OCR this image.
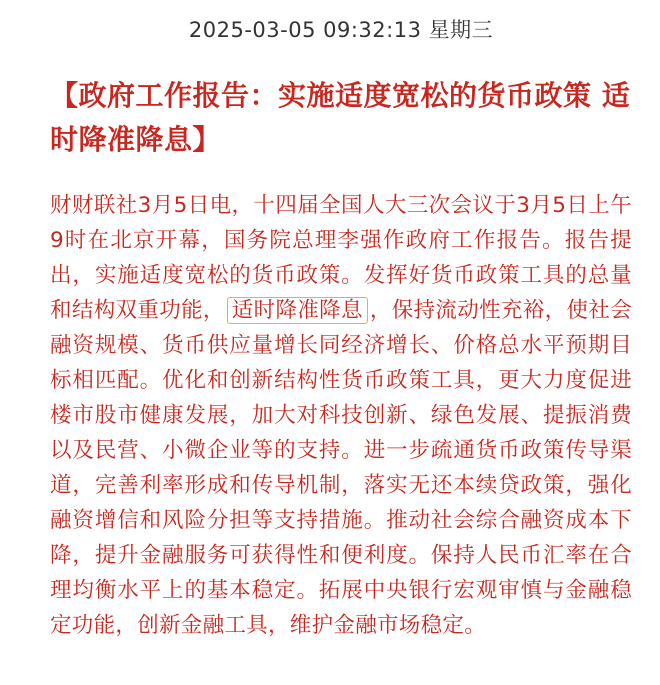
2025-03-05 09:32:13 星期三
【政府工作报告：实施适度宽松的货币政策 适时降准降息】
财财联社3月5日电，十四届全国人大三次会议于3月5日上午9时在北京开幕，国务院总理李强作政府工作报告。报告提出，实施适度宽松的货币政策。发挥好货币政策工具的总量和结构双重功能， 适时降准降息 ，保持流动性充裕，使社会融资规模、货币供应量增长同经济增长、价格总水平预期目标相匹配。优化和创新结构性货币政策工具，更大力度促进楼市股市健康发展，加大对科技创新、绿色发展、提振消费以及民营、小微企业等的支持。进一步疏通货币政策传导渠道，完善利率形成和传导机制，落实无还本续贷政策，强化融资增信和风险分担等支持措施。推动社会综合融资成本下降，提升金融服务可获得性和便利度。保持人民币汇率在合理均衡水平上的基本稳定。拓展中央银行宏观审慎与金融稳定功能，创新金融工具，维护金融市场稳定。
